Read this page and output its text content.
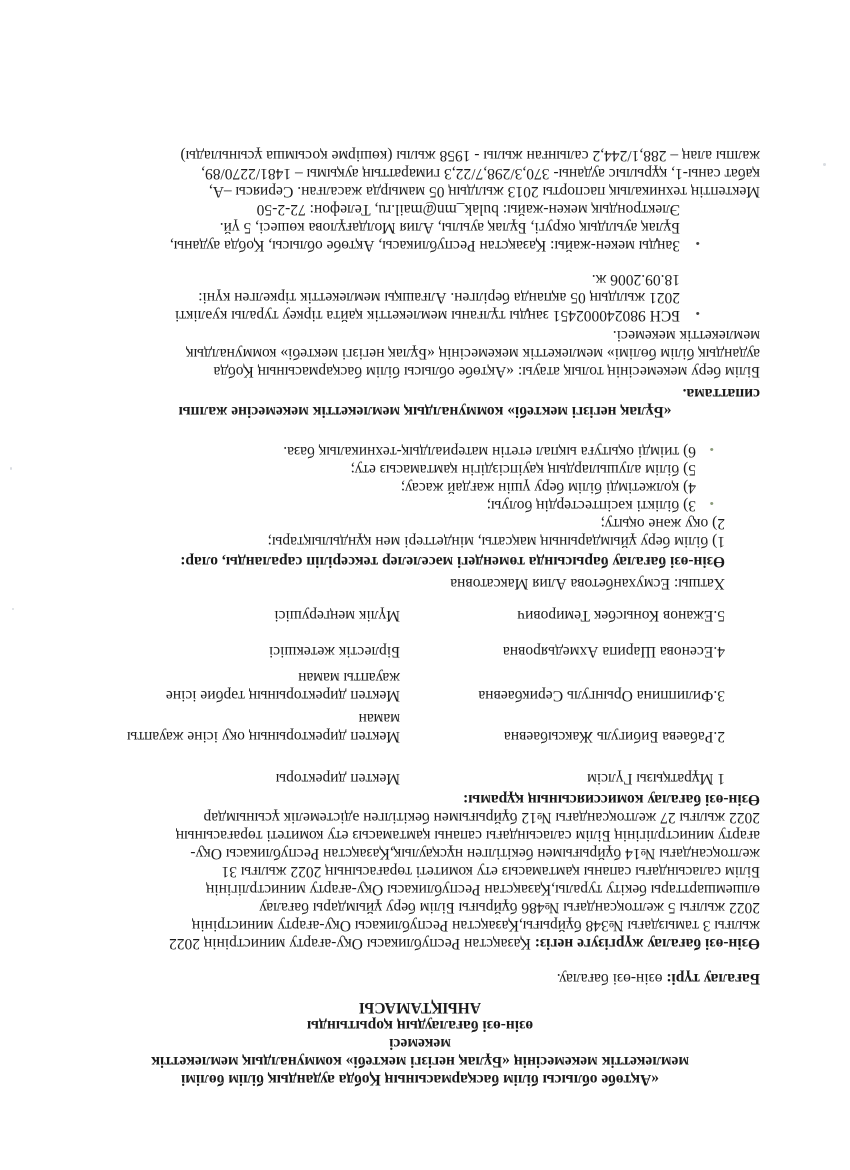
«Ақтөбе облысы білім басқармасының Қобда аудандық білім бөлімі
мемлекеттік мекемесінің «Бұлақ негізгі мектебі» коммуналдық мемлекеттік
мекемесі
өзін-өзі бағалаудың қорытынды
АНЫҚТАМАСЫ
Бағалау түрі: өзін-өзі бағалау.
Өзін-өзі бағалау жүргізуге негіз: Қазақстан Республикасы Оқу-ағарту министрінің 2022
жылғы 3 тамыздағы №348 бұйрығы,Қазақстан Республикасы Оқу-ағарту министрінің
2022 жылғы 5 желтоқсандағы №486 бұйрығы Білім беру ұйымдары бағалау
өлшемшарттары бекіту туралы,Қазақстан Республикасы Оқу-ағарту министрлігінің
Білім саласындағы сапаны қамтамасыз ету комитеті төрағасының 2022 жылғы 31
желтоқсандағы №14 бұйрығымен бекітілген нұсқаулық,Қазақстан Республикасы Оқу-
ағарту министрлігінің Білім саласындағы сапаны қамтамасыз ету комитеті төрағасының
2022 жылғы 27 желтоқсандағы №12 бұйрығымен бекітілген әдістемелік ұсынымдар
Өзін-өзі бағалау комиссиясының құрамы:
1 Мұратқызы Гүлсім
Мектеп директоры
2.Рабаева Бибигуль Жаксыбаевна
Мектеп директорының оқу ісіне жауапты
маман
3.Филиппина Орынгуль Серикбаевна
Мектеп директорының тәрбие ісіне
жауапты маман
4.Есенова Шарипа Ахмедьяровна
Бірлестік жетекшісі
5.Ежанов Конысбек Темирович
Мүлік меңгерушісі
Хатшы: Есмуханбетова Алия Максатовна
Өзін-өзі бағалау барысында төмендегі мәселелер тексеріліп сараланды, олар:
1) білім беру ұйымдарының мақсаты, міндеттері мен құндылықтары;
2) оқу және оқыту;
•
3) білікті кәсіптестердің болуы;
4) қолжетімді білім беру үшін жағдай жасау;
5) білім алушылардың қауіпсіздігін қамтамасыз ету;
•
6) тиімді оқытуға ықпал ететін материалдық-техникалық база.
«Бұлақ негізгі мектебі» коммуналдық мемлекеттік мекемесіне жалпы
сипаттама.
Білім беру мекемесінің толық атауы: «Ақтөбе облысы білім басқармасының Қобда
аудандық білім бөлімі» мемлекеттік мекемесінің «Бұлақ негізгі мектебі» коммуналдық
мемлекеттік мекемесі.
•
БСН 980240002451 заңды тұлғаны мемлекеттік қайта тіркеу туралы куәлікті
2021 жылдың 05 ақпанда берілген. Алғашқы мемлекеттік тіркелген күні:
18.09.2006 ж.
•
Заңды мекен-жайы: Қазақстан Республикасы, Ақтөбе облысы, Қобда ауданы,
Бұлақ ауылдық округі, Бұлақ ауылы, Алия Молдағұлова көшесі, 5 үй.
Электрондық мекен-жайы: bulak_mn@mail.ru, Телефон: 72-2-50
Мектептің техникалық паспорты 2013 жылдың 05 мамырда жасалған. Сериясы –А,
қабат саны-1, құрылыс ауданы- 370,3/298,7/22,3 гимараттың ауқымы – 1481/2270/89,
жалпы алаң – 288,1/244,2 салынған жылы - 1958 жылы (көшірме қосымша ұсынылады)
